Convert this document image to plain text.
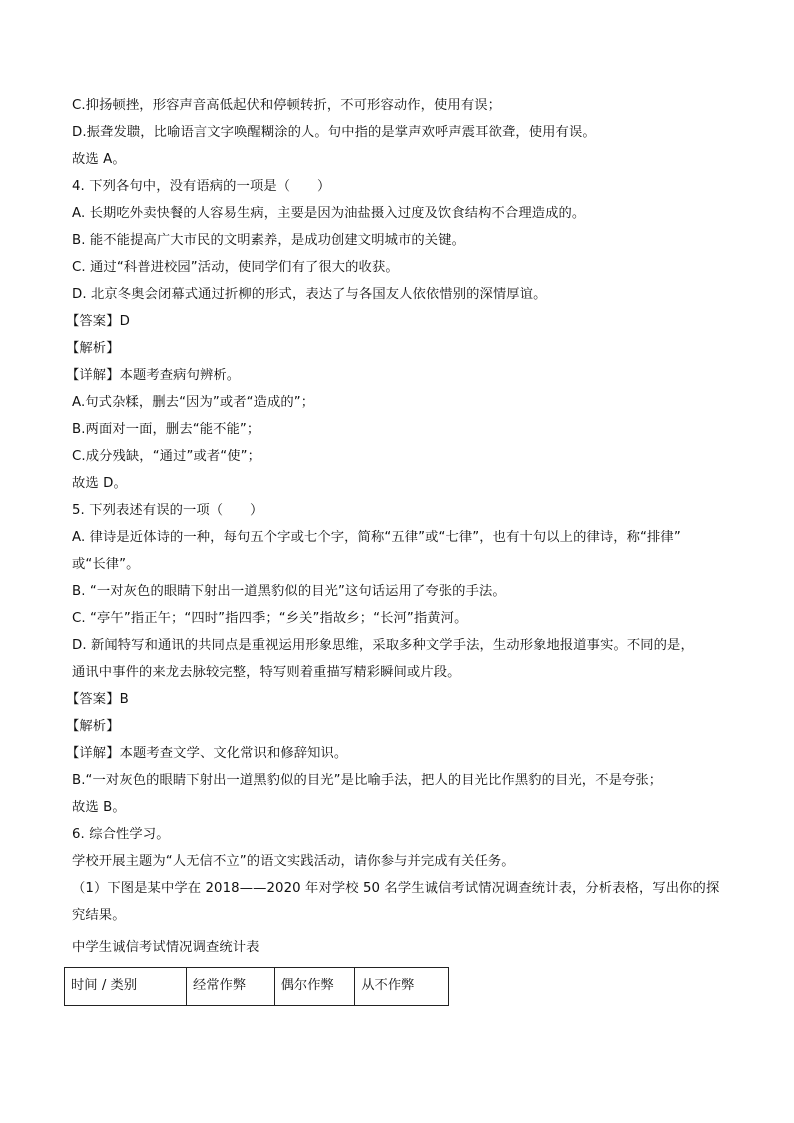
C.抑扬顿挫，形容声音高低起伏和停顿转折，不可形容动作，使用有误；
D.振聋发聩，比喻语言文字唤醒糊涂的人。句中指的是掌声欢呼声震耳欲聋，使用有误。
故选 A。
4. 下列各句中，没有语病的一项是（　　）
A. 长期吃外卖快餐的人容易生病，主要是因为油盐摄入过度及饮食结构不合理造成的。
B. 能不能提高广大市民的文明素养，是成功创建文明城市的关键。
C. 通过“科普进校园”活动，使同学们有了很大的收获。
D. 北京冬奥会闭幕式通过折柳的形式，表达了与各国友人依依惜别的深情厚谊。
【答案】D
【解析】
【详解】本题考查病句辨析。
A.句式杂糅，删去“因为”或者“造成的”；
B.两面对一面，删去“能不能”；
C.成分残缺，“通过”或者“使”；
故选 D。
5. 下列表述有误的一项（　　）
A. 律诗是近体诗的一种，每句五个字或七个字，简称“五律”或“七律”，也有十句以上的律诗，称“排律”
或“长律”。
B. “一对灰色的眼睛下射出一道黑豹似的目光”这句话运用了夸张的手法。
C. “亭午”指正午；“四时”指四季；“乡关”指故乡；“长河”指黄河。
D. 新闻特写和通讯的共同点是重视运用形象思维，采取多种文学手法，生动形象地报道事实。不同的是，
通讯中事件的来龙去脉较完整，特写则着重描写精彩瞬间或片段。
【答案】B
【解析】
【详解】本题考查文学、文化常识和修辞知识。
B.“一对灰色的眼睛下射出一道黑豹似的目光”是比喻手法，把人的目光比作黑豹的目光，不是夸张；
故选 B。
6. 综合性学习。
学校开展主题为“人无信不立”的语文实践活动，请你参与并完成有关任务。
（1）下图是某中学在 2018——2020 年对学校 50 名学生诚信考试情况调查统计表，分析表格，写出你的探
究结果。
中学生诚信考试情况调查统计表
时间 / 类别	经常作弊	偶尔作弊	从不作弊
